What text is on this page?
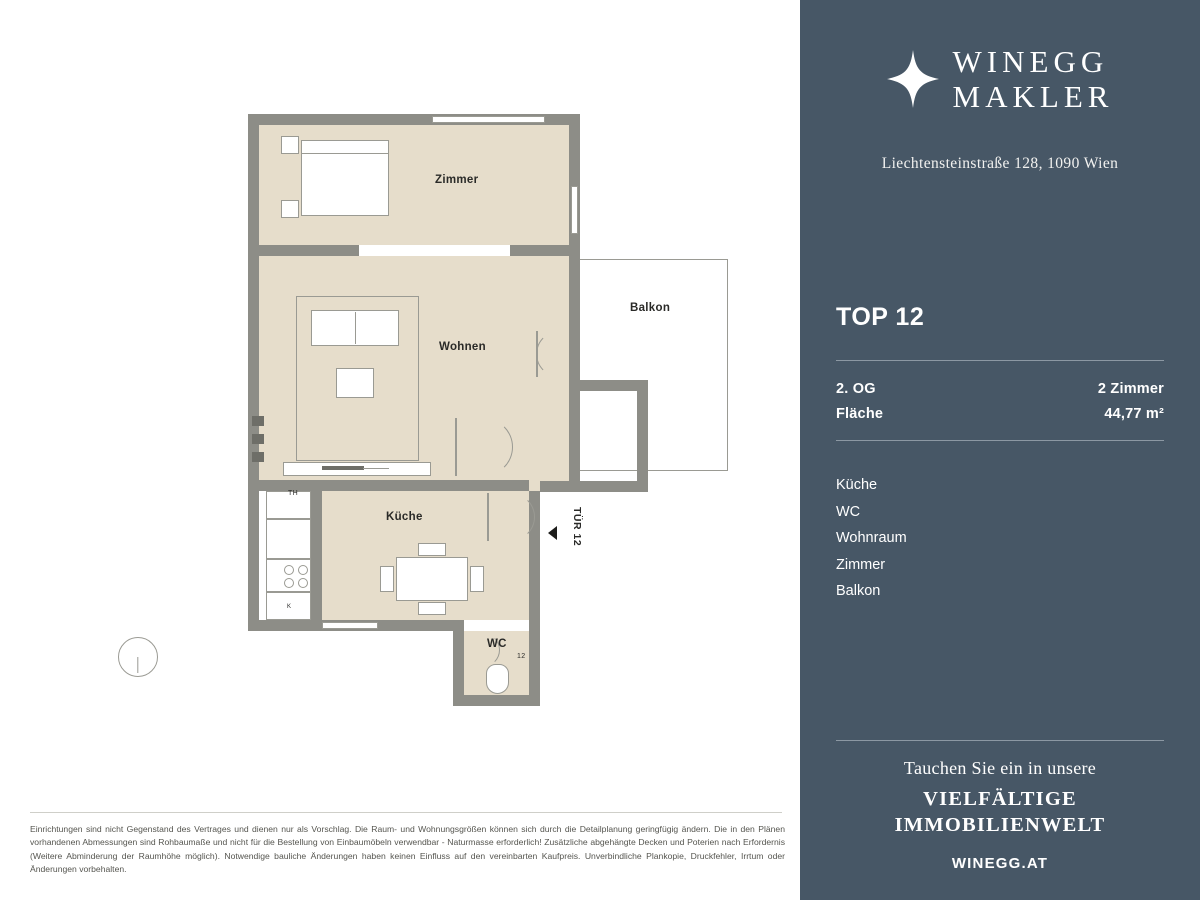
TH
K
12
Zimmer
Wohnen
Balkon
Küche
WC
TÜR 12
Einrichtungen sind nicht Gegenstand des Vertrages und dienen nur als Vorschlag. Die Raum- und Wohnungsgrößen können sich durch die Detailplanung geringfügig ändern. Die in den Plänen vorhandenen Abmessungen sind Rohbaumaße und nicht für die Bestellung von Einbaumöbeln verwendbar - Naturmasse erforderlich! Zusätzliche abgehängte Decken und Poterien nach Erfordernis (Weitere Abminderung der Raumhöhe möglich). Notwendige bauliche Änderungen haben keinen Einfluss auf den vereinbarten Kaufpreis. Unverbindliche Plankopie, Druckfehler, Irrtum oder Änderungen vorbehalten.
WINEGG
MAKLER
Liechtensteinstraße 128, 1090 Wien
TOP 12
2. OG	2 Zimmer
Fläche	44,77 m²
Küche
WC
Wohnraum
Zimmer
Balkon
Tauchen Sie ein in unsere
VIELFÄLTIGE
IMMOBILIENWELT
WINEGG.AT
